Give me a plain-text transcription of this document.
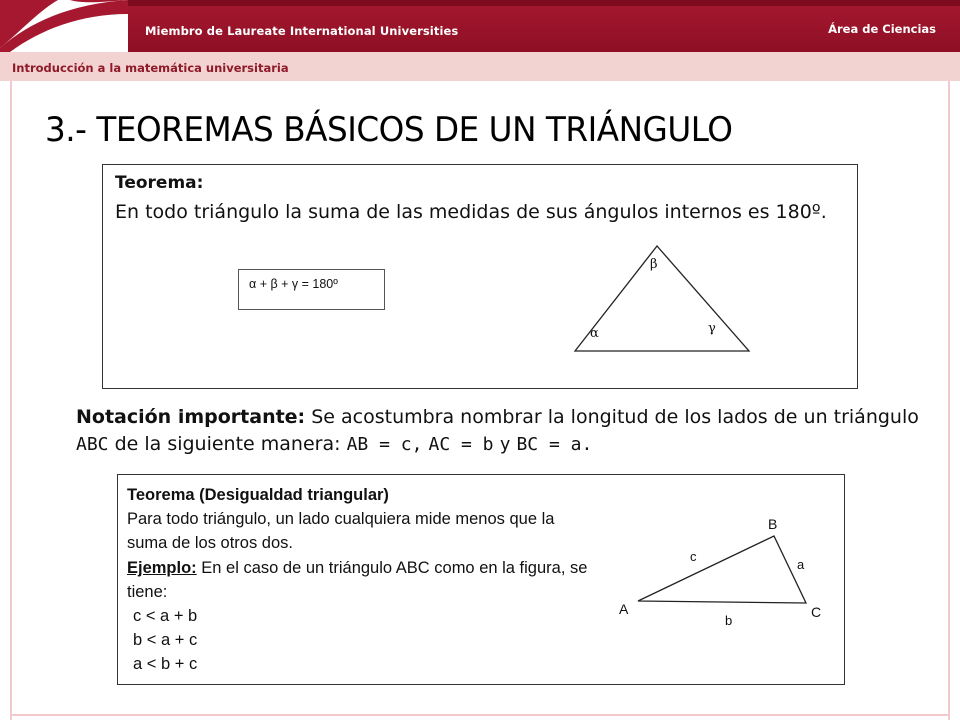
Miembro de Laureate International Universities	Área de Ciencias
Introducción a la matemática universitaria
3.- TEOREMAS BÁSICOS DE UN TRIÁNGULO
Teorema:
En todo triángulo la suma de las medidas de sus ángulos internos es 180º.
α + β + γ = 180º
α
β
γ
Notación importante: Se acostumbra nombrar la longitud de los lados de un triángulo ABC de la siguiente manera: AB = c, AC = b y BC = a.
Teorema (Desigualdad triangular)
Para todo triángulo, un lado cualquiera mide menos que la suma de los otros dos.
Ejemplo: En el caso de un triángulo ABC como en la figura, se tiene:
c < a + b
b < a + c
a < b + c
A
B
C
c
a
b
